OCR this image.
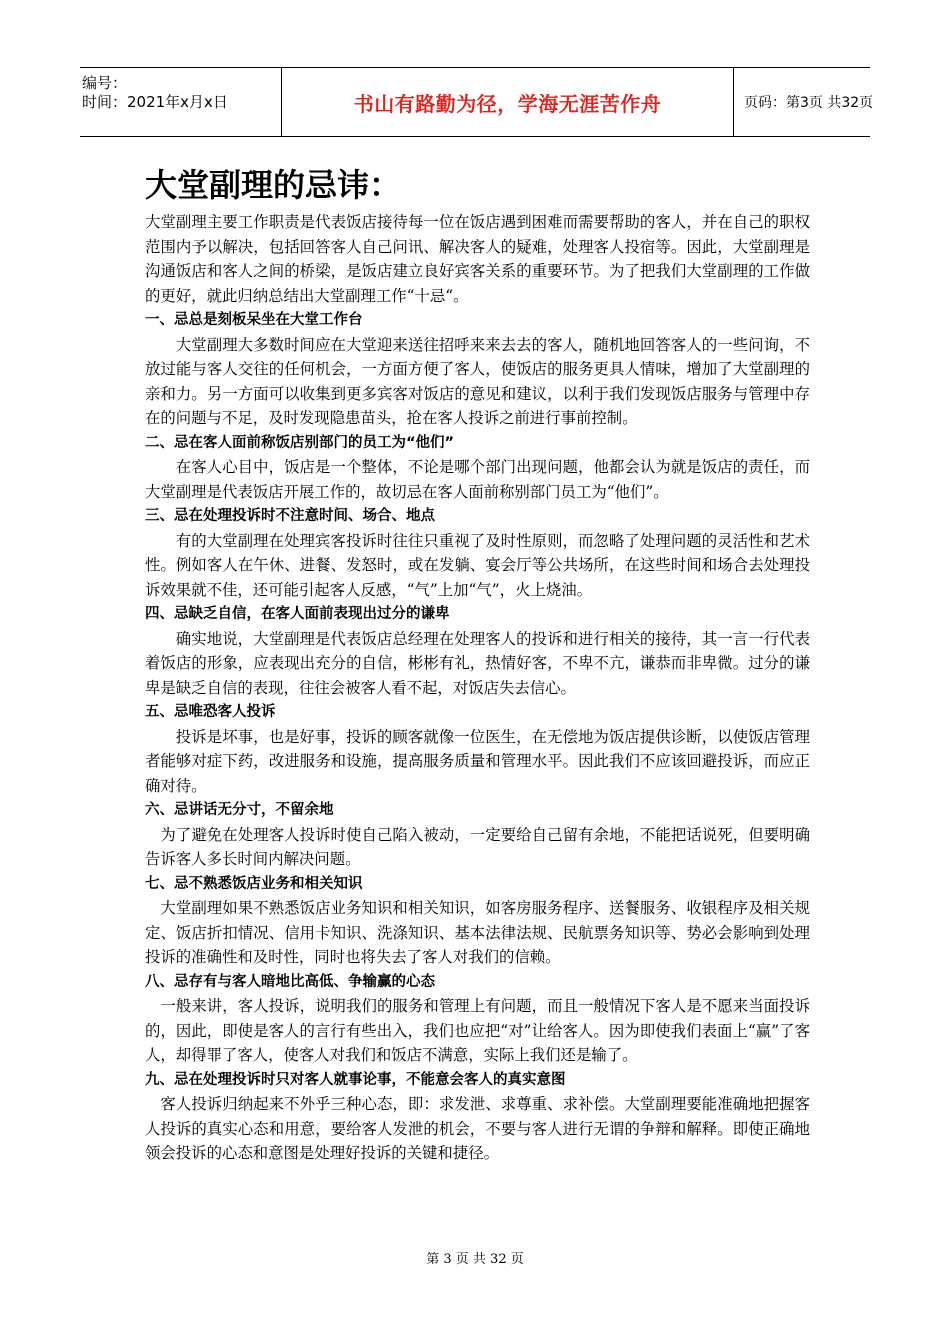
编号：
时间：2021年x月x日	书山有路勤为径，学海无涯苦作舟	页码：第3页 共32页
大堂副理的忌讳：

大堂副理主要工作职责是代表饭店接待每一位在饭店遇到困难而需要帮助的客人，并在自己的职权范围内予以解决，包括回答客人自己问讯、解决客人的疑难，处理客人投宿等。因此，大堂副理是沟通饭店和客人之间的桥梁，是饭店建立良好宾客关系的重要环节。为了把我们大堂副理的工作做的更好，就此归纳总结出大堂副理工作“十忌“。

一、忌总是刻板呆坐在大堂工作台

大堂副理大多数时间应在大堂迎来送往招呼来来去去的客人，随机地回答客人的一些问询，不放过能与客人交往的任何机会，一方面方便了客人，使饭店的服务更具人情味，增加了大堂副理的亲和力。另一方面可以收集到更多宾客对饭店的意见和建议，以利于我们发现饭店服务与管理中存在的问题与不足，及时发现隐患苗头，抢在客人投诉之前进行事前控制。

二、忌在客人面前称饭店别部门的员工为“他们”

在客人心目中，饭店是一个整体，不论是哪个部门出现问题，他都会认为就是饭店的责任，而大堂副理是代表饭店开展工作的，故切忌在客人面前称别部门员工为“他们”。

三、忌在处理投诉时不注意时间、场合、地点

有的大堂副理在处理宾客投诉时往往只重视了及时性原则，而忽略了处理问题的灵活性和艺术性。例如客人在午休、进餐、发怒时，或在发躺、宴会厅等公共场所，在这些时间和场合去处理投诉效果就不佳，还可能引起客人反感，“气”上加“气”，火上烧油。

四、忌缺乏自信，在客人面前表现出过分的谦卑

确实地说，大堂副理是代表饭店总经理在处理客人的投诉和进行相关的接待，其一言一行代表着饭店的形象，应表现出充分的自信，彬彬有礼，热情好客，不卑不亢，谦恭而非卑微。过分的谦卑是缺乏自信的表现，往往会被客人看不起，对饭店失去信心。

五、忌唯恐客人投诉

投诉是坏事，也是好事，投诉的顾客就像一位医生，在无偿地为饭店提供诊断，以使饭店管理者能够对症下药，改进服务和设施，提高服务质量和管理水平。因此我们不应该回避投诉，而应正确对待。

六、忌讲话无分寸，不留余地

为了避免在处理客人投诉时使自己陷入被动，一定要给自己留有余地，不能把话说死，但要明确告诉客人多长时间内解决问题。

七、忌不熟悉饭店业务和相关知识

大堂副理如果不熟悉饭店业务知识和相关知识，如客房服务程序、送餐服务、收银程序及相关规定、饭店折扣情况、信用卡知识、洗涤知识、基本法律法规、民航票务知识等、势必会影响到处理投诉的准确性和及时性，同时也将失去了客人对我们的信赖。

八、忌存有与客人暗地比高低、争输赢的心态

一般来讲，客人投诉，说明我们的服务和管理上有问题，而且一般情况下客人是不愿来当面投诉的，因此，即使是客人的言行有些出入，我们也应把“对”让给客人。因为即使我们表面上“赢”了客人，却得罪了客人，使客人对我们和饭店不满意，实际上我们还是输了。

九、忌在处理投诉时只对客人就事论事，不能意会客人的真实意图

客人投诉归纳起来不外乎三种心态，即：求发泄、求尊重、求补偿。大堂副理要能准确地把握客人投诉的真实心态和用意，要给客人发泄的机会，不要与客人进行无谓的争辩和解释。即使正确地领会投诉的心态和意图是处理好投诉的关键和捷径。

第 3 页 共 32 页
